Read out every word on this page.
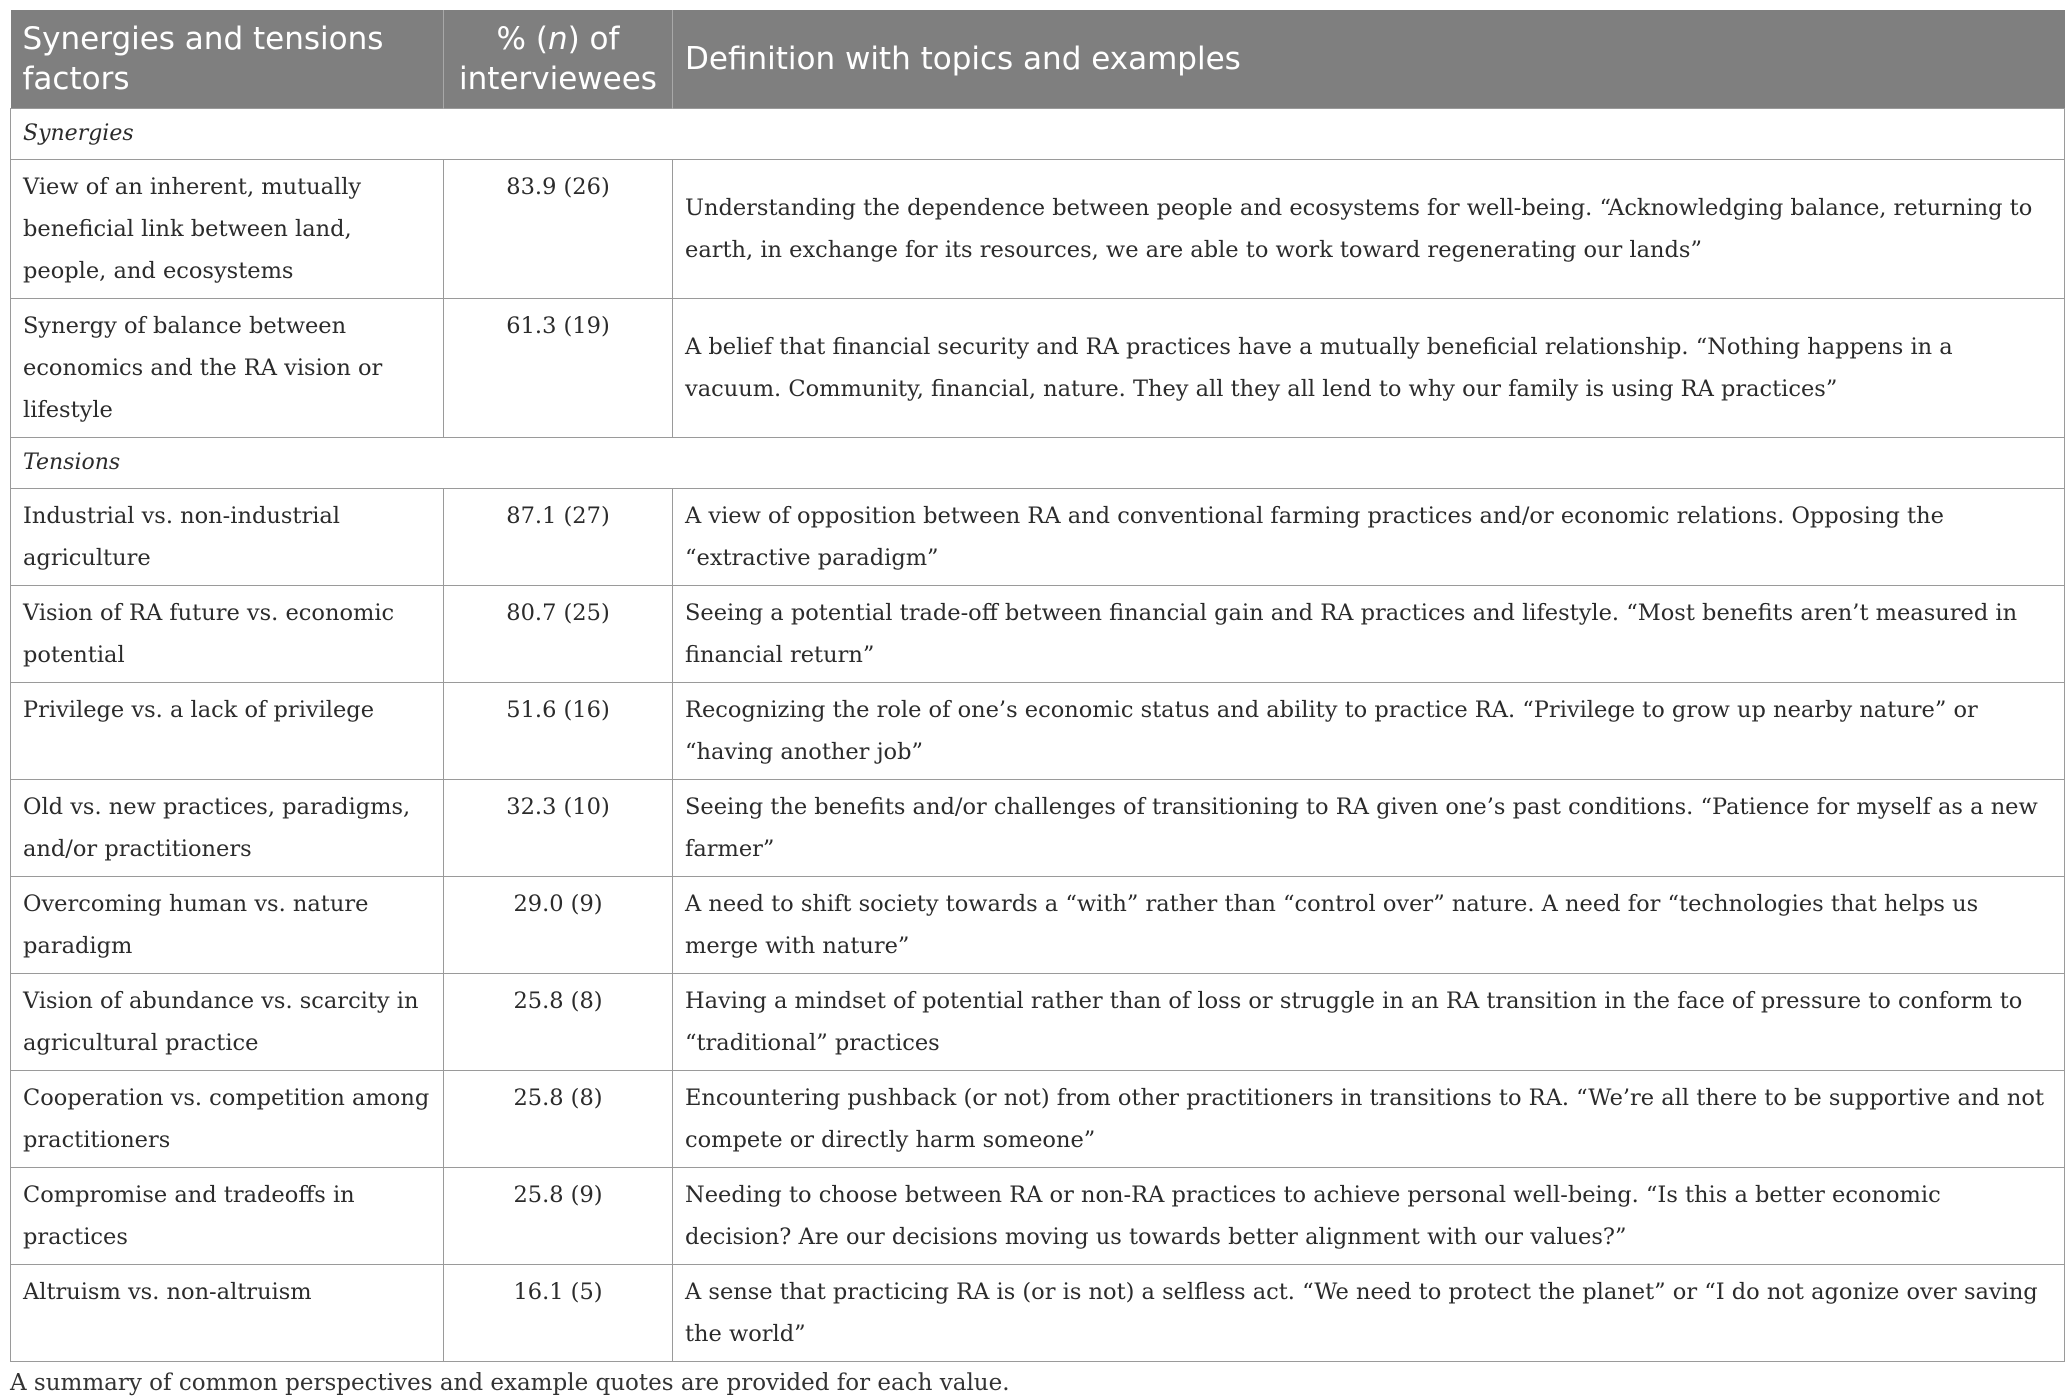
Synergies and tensions factors	% (n) of interviewees	Definition with topics and examples
Synergies		
View of an inherent, mutually beneficial link between land, people, and ecosystems	83.9 (26)	Understanding the dependence between people and ecosystems for well-being. “Acknowledging balance, returning to earth, in exchange for its resources, we are able to work toward regenerating our lands”
Synergy of balance between economics and the RA vision or lifestyle	61.3 (19)	A belief that financial security and RA practices have a mutually beneficial relationship. “Nothing happens in a vacuum. Community, financial, nature. They all they all lend to why our family is using RA practices”
Tensions		
Industrial vs. non-industrial agriculture	87.1 (27)	A view of opposition between RA and conventional farming practices and/or economic relations. Opposing the “extractive paradigm”
Vision of RA future vs. economic potential	80.7 (25)	Seeing a potential trade-off between financial gain and RA practices and lifestyle. “Most benefits aren’t measured in financial return”
Privilege vs. a lack of privilege	51.6 (16)	Recognizing the role of one’s economic status and ability to practice RA. “Privilege to grow up nearby nature” or “having another job”
Old vs. new practices, paradigms, and/or practitioners	32.3 (10)	Seeing the benefits and/or challenges of transitioning to RA given one’s past conditions. “Patience for myself as a new farmer”
Overcoming human vs. nature paradigm	29.0 (9)	A need to shift society towards a “with” rather than “control over” nature. A need for “technologies that helps us merge with nature”
Vision of abundance vs. scarcity in agricultural practice	25.8 (8)	Having a mindset of potential rather than of loss or struggle in an RA transition in the face of pressure to conform to “traditional” practices
Cooperation vs. competition among practitioners	25.8 (8)	Encountering pushback (or not) from other practitioners in transitions to RA. “We’re all there to be supportive and not compete or directly harm someone”
Compromise and tradeoffs in practices	25.8 (9)	Needing to choose between RA or non-RA practices to achieve personal well-being. “Is this a better economic decision? Are our decisions moving us towards better alignment with our values?”
Altruism vs. non-altruism	16.1 (5)	A sense that practicing RA is (or is not) a selfless act. “We need to protect the planet” or “I do not agonize over saving the world”
A summary of common perspectives and example quotes are provided for each value.
